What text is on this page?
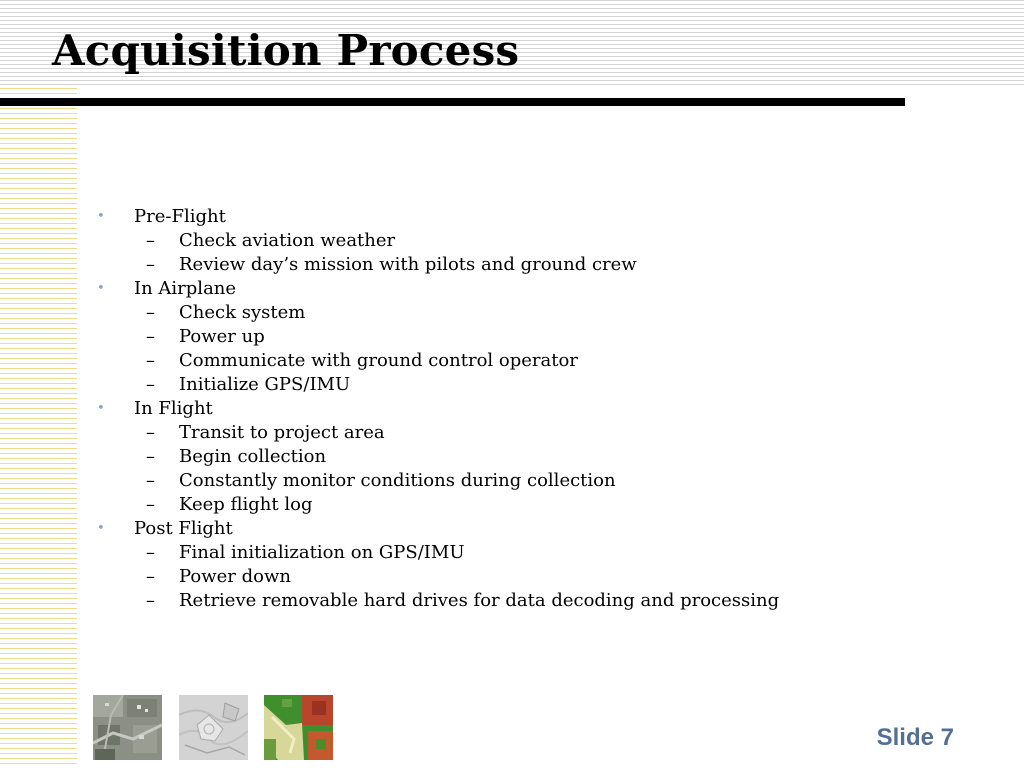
Acquisition Process
• Pre-Flight
– Check aviation weather
– Review day’s mission with pilots and ground crew
• In Airplane
– Check system
– Power up
– Communicate with ground control operator
– Initialize GPS/IMU
• In Flight
– Transit to project area
– Begin collection
– Constantly monitor conditions during collection
– Keep flight log
• Post Flight
– Final initialization on GPS/IMU
– Power down
– Retrieve removable hard drives for data decoding and processing
Slide 7
